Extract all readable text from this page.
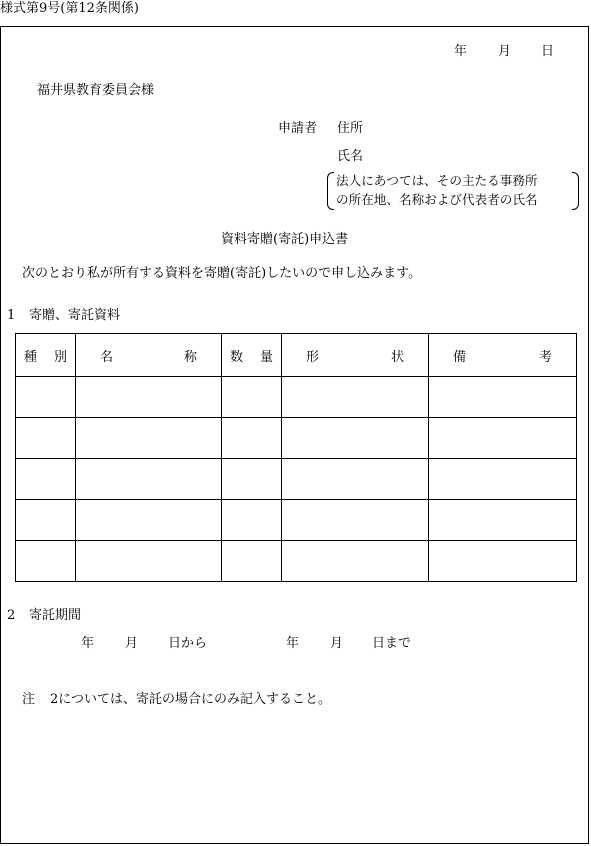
様式第9号(第12条関係)
年 月 日
福井県教育委員会様
申請者 住所
氏名
法人にあつては、その主たる事務所
の所在地、名称および代表者の氏名
資料寄贈(寄託)申込書
次のとおり私が所有する資料を寄贈(寄託)したいので申し込みます。
1 寄贈、寄託資料
種 別	名 称	数 量	形 状	備 考

2 寄託期間
年 月 日から	年 月 日まで
注 2については、寄託の場合にのみ記入すること。
